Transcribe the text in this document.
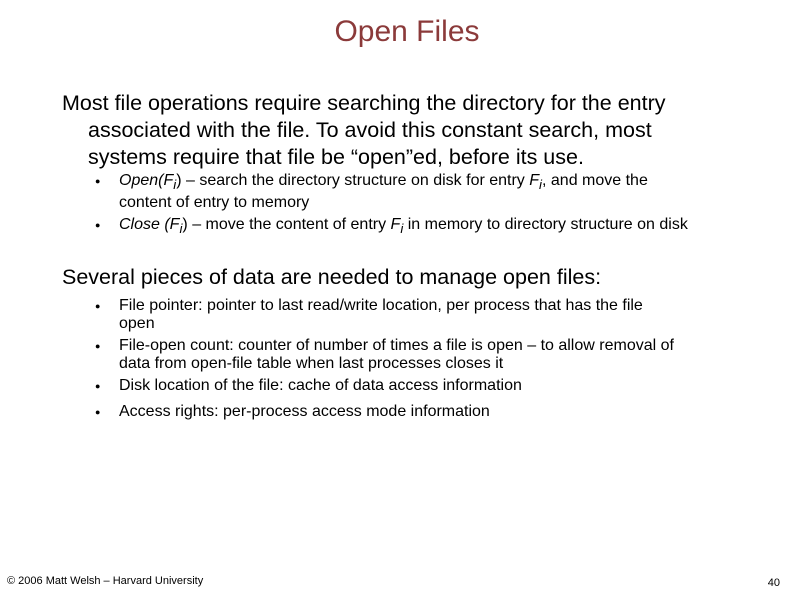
Open Files
Most file operations require searching the directory for the entry
associated with the file. To avoid this constant search, most
systems require that file be “open”ed, before its use.
● $Open(F_i)$ – search the directory structure on disk for entry $F_i$, and move the
content of entry to memory
● Close $(F_i)$ – move the content of entry $F_i$ in memory to directory structure on disk
Several pieces of data are needed to manage open files:
● File pointer: pointer to last read/write location, per process that has the file
open
● File-open count: counter of number of times a file is open – to allow removal of
data from open-file table when last processes closes it
● Disk location of the file: cache of data access information
● Access rights: per-process access mode information
© 2006 Matt Welsh – Harvard University	40
